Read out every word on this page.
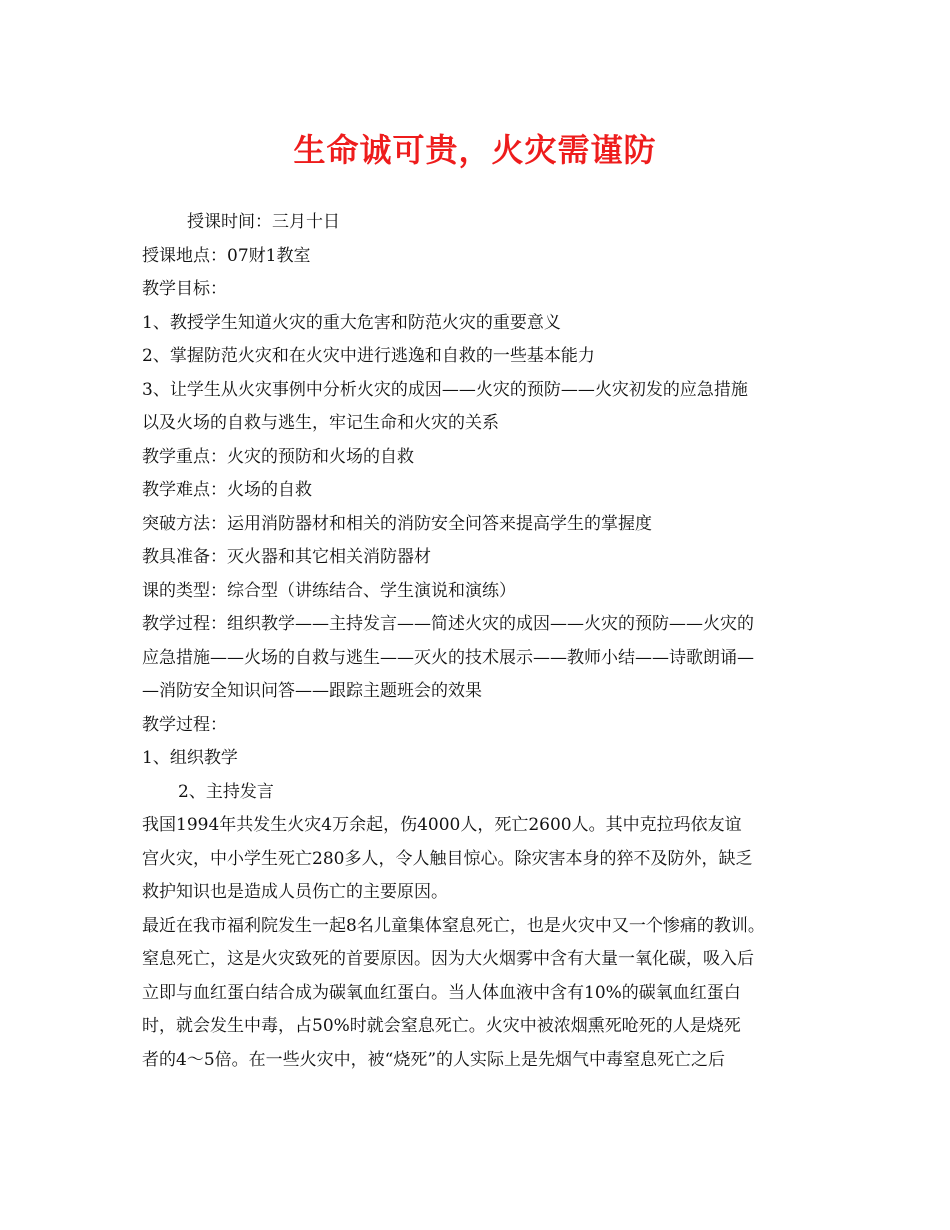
生命诚可贵，火灾需谨防
授课时间：三月十日
授课地点：07财1教室
教学目标：
1、教授学生知道火灾的重大危害和防范火灾的重要意义
2、掌握防范火灾和在火灾中进行逃逸和自救的一些基本能力
3、让学生从火灾事例中分析火灾的成因——火灾的预防——火灾初发的应急措施
以及火场的自救与逃生，牢记生命和火灾的关系
教学重点：火灾的预防和火场的自救
教学难点：火场的自救
突破方法：运用消防器材和相关的消防安全问答来提高学生的掌握度
教具准备：灭火器和其它相关消防器材
课的类型：综合型（讲练结合、学生演说和演练）
教学过程：组织教学——主持发言——简述火灾的成因——火灾的预防——火灾的
应急措施——火场的自救与逃生——灭火的技术展示——教师小结——诗歌朗诵—
—消防安全知识问答——跟踪主题班会的效果
教学过程：
1、组织教学
2、主持发言
我国1994年共发生火灾4万余起，伤4000人，死亡2600人。其中克拉玛依友谊
宫火灾，中小学生死亡280多人，令人触目惊心。除灾害本身的猝不及防外，缺乏
救护知识也是造成人员伤亡的主要原因。
最近在我市福利院发生一起8名儿童集体窒息死亡，也是火灾中又一个惨痛的教训。
窒息死亡，这是火灾致死的首要原因。因为大火烟雾中含有大量一氧化碳，吸入后
立即与血红蛋白结合成为碳氧血红蛋白。当人体血液中含有10%的碳氧血红蛋白
时，就会发生中毒，占50%时就会窒息死亡。火灾中被浓烟熏死呛死的人是烧死
者的4～5倍。在一些火灾中，被“烧死”的人实际上是先烟气中毒窒息死亡之后
